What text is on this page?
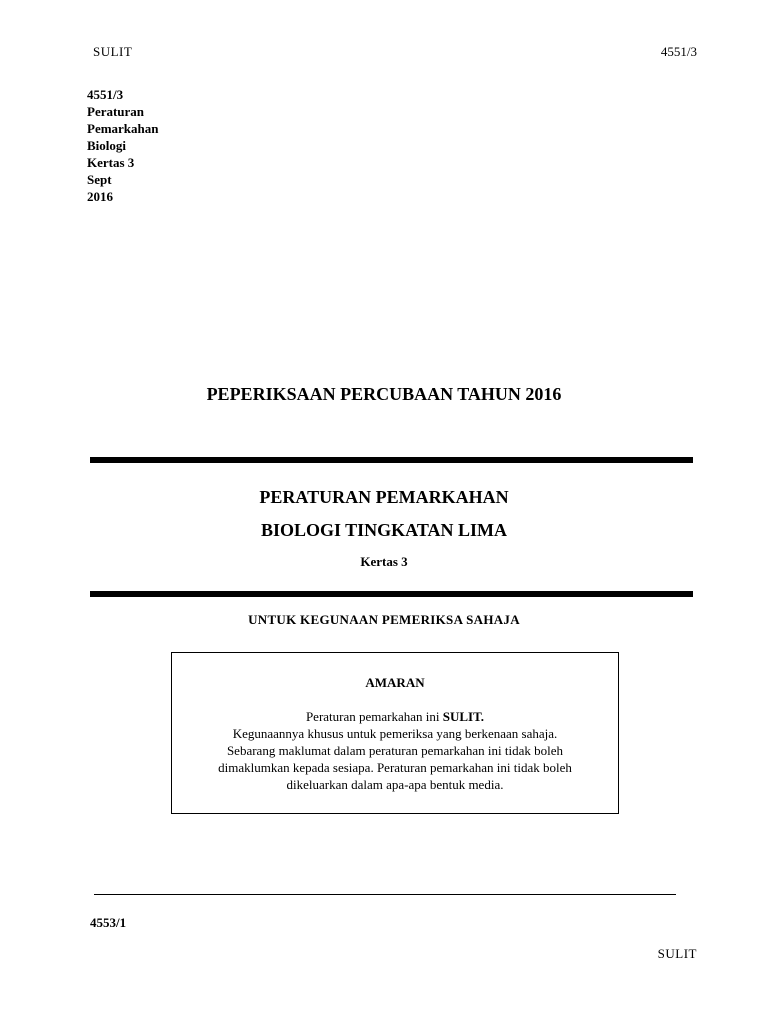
SULIT	4551/3
4551/3
Peraturan
Pemarkahan
Biologi
Kertas 3
Sept
2016
PEPERIKSAAN PERCUBAAN TAHUN 2016
PERATURAN PEMARKAHAN
BIOLOGI TINGKATAN LIMA
Kertas 3
UNTUK KEGUNAAN PEMERIKSA SAHAJA
AMARAN
Peraturan pemarkahan ini SULIT.
Kegunaannya khusus untuk pemeriksa yang berkenaan sahaja.
Sebarang maklumat dalam peraturan pemarkahan ini tidak boleh
dimaklumkan kepada sesiapa. Peraturan pemarkahan ini tidak boleh
dikeluarkan dalam apa-apa bentuk media.
4553/1
SULIT
